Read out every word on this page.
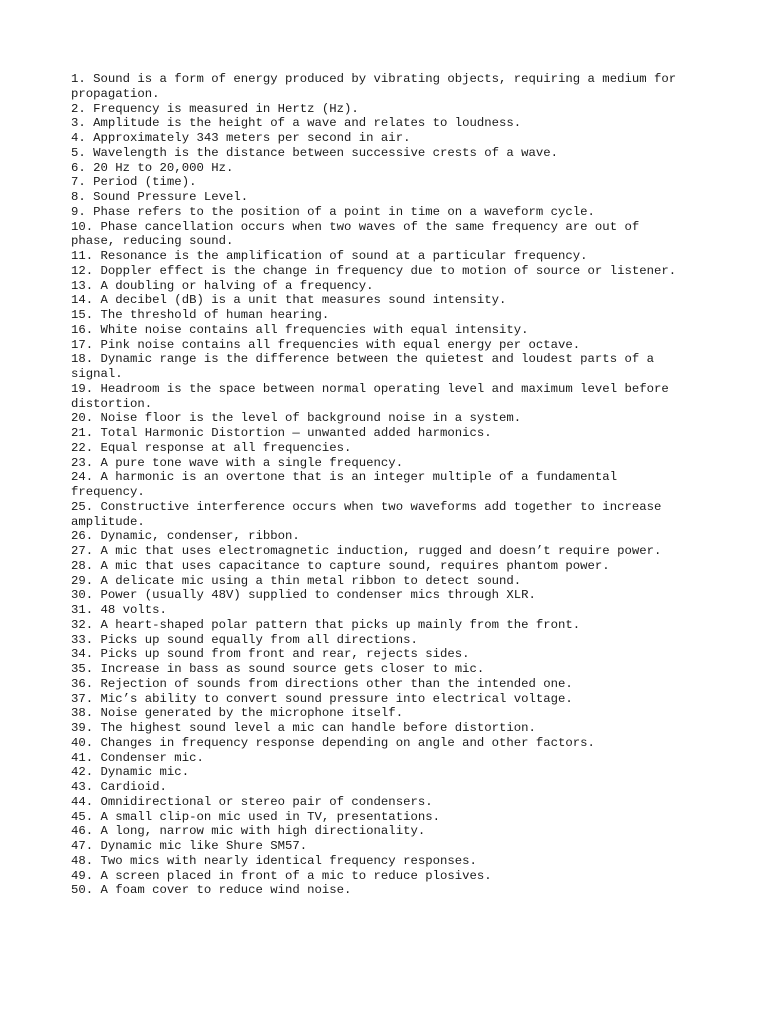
1. Sound is a form of energy produced by vibrating objects, requiring a medium for
propagation.
2. Frequency is measured in Hertz (Hz).
3. Amplitude is the height of a wave and relates to loudness.
4. Approximately 343 meters per second in air.
5. Wavelength is the distance between successive crests of a wave.
6. 20 Hz to 20,000 Hz.
7. Period (time).
8. Sound Pressure Level.
9. Phase refers to the position of a point in time on a waveform cycle.
10. Phase cancellation occurs when two waves of the same frequency are out of
phase, reducing sound.
11. Resonance is the amplification of sound at a particular frequency.
12. Doppler effect is the change in frequency due to motion of source or listener.
13. A doubling or halving of a frequency.
14. A decibel (dB) is a unit that measures sound intensity.
15. The threshold of human hearing.
16. White noise contains all frequencies with equal intensity.
17. Pink noise contains all frequencies with equal energy per octave.
18. Dynamic range is the difference between the quietest and loudest parts of a
signal.
19. Headroom is the space between normal operating level and maximum level before
distortion.
20. Noise floor is the level of background noise in a system.
21. Total Harmonic Distortion — unwanted added harmonics.
22. Equal response at all frequencies.
23. A pure tone wave with a single frequency.
24. A harmonic is an overtone that is an integer multiple of a fundamental
frequency.
25. Constructive interference occurs when two waveforms add together to increase
amplitude.
26. Dynamic, condenser, ribbon.
27. A mic that uses electromagnetic induction, rugged and doesn’t require power.
28. A mic that uses capacitance to capture sound, requires phantom power.
29. A delicate mic using a thin metal ribbon to detect sound.
30. Power (usually 48V) supplied to condenser mics through XLR.
31. 48 volts.
32. A heart-shaped polar pattern that picks up mainly from the front.
33. Picks up sound equally from all directions.
34. Picks up sound from front and rear, rejects sides.
35. Increase in bass as sound source gets closer to mic.
36. Rejection of sounds from directions other than the intended one.
37. Mic’s ability to convert sound pressure into electrical voltage.
38. Noise generated by the microphone itself.
39. The highest sound level a mic can handle before distortion.
40. Changes in frequency response depending on angle and other factors.
41. Condenser mic.
42. Dynamic mic.
43. Cardioid.
44. Omnidirectional or stereo pair of condensers.
45. A small clip-on mic used in TV, presentations.
46. A long, narrow mic with high directionality.
47. Dynamic mic like Shure SM57.
48. Two mics with nearly identical frequency responses.
49. A screen placed in front of a mic to reduce plosives.
50. A foam cover to reduce wind noise.
